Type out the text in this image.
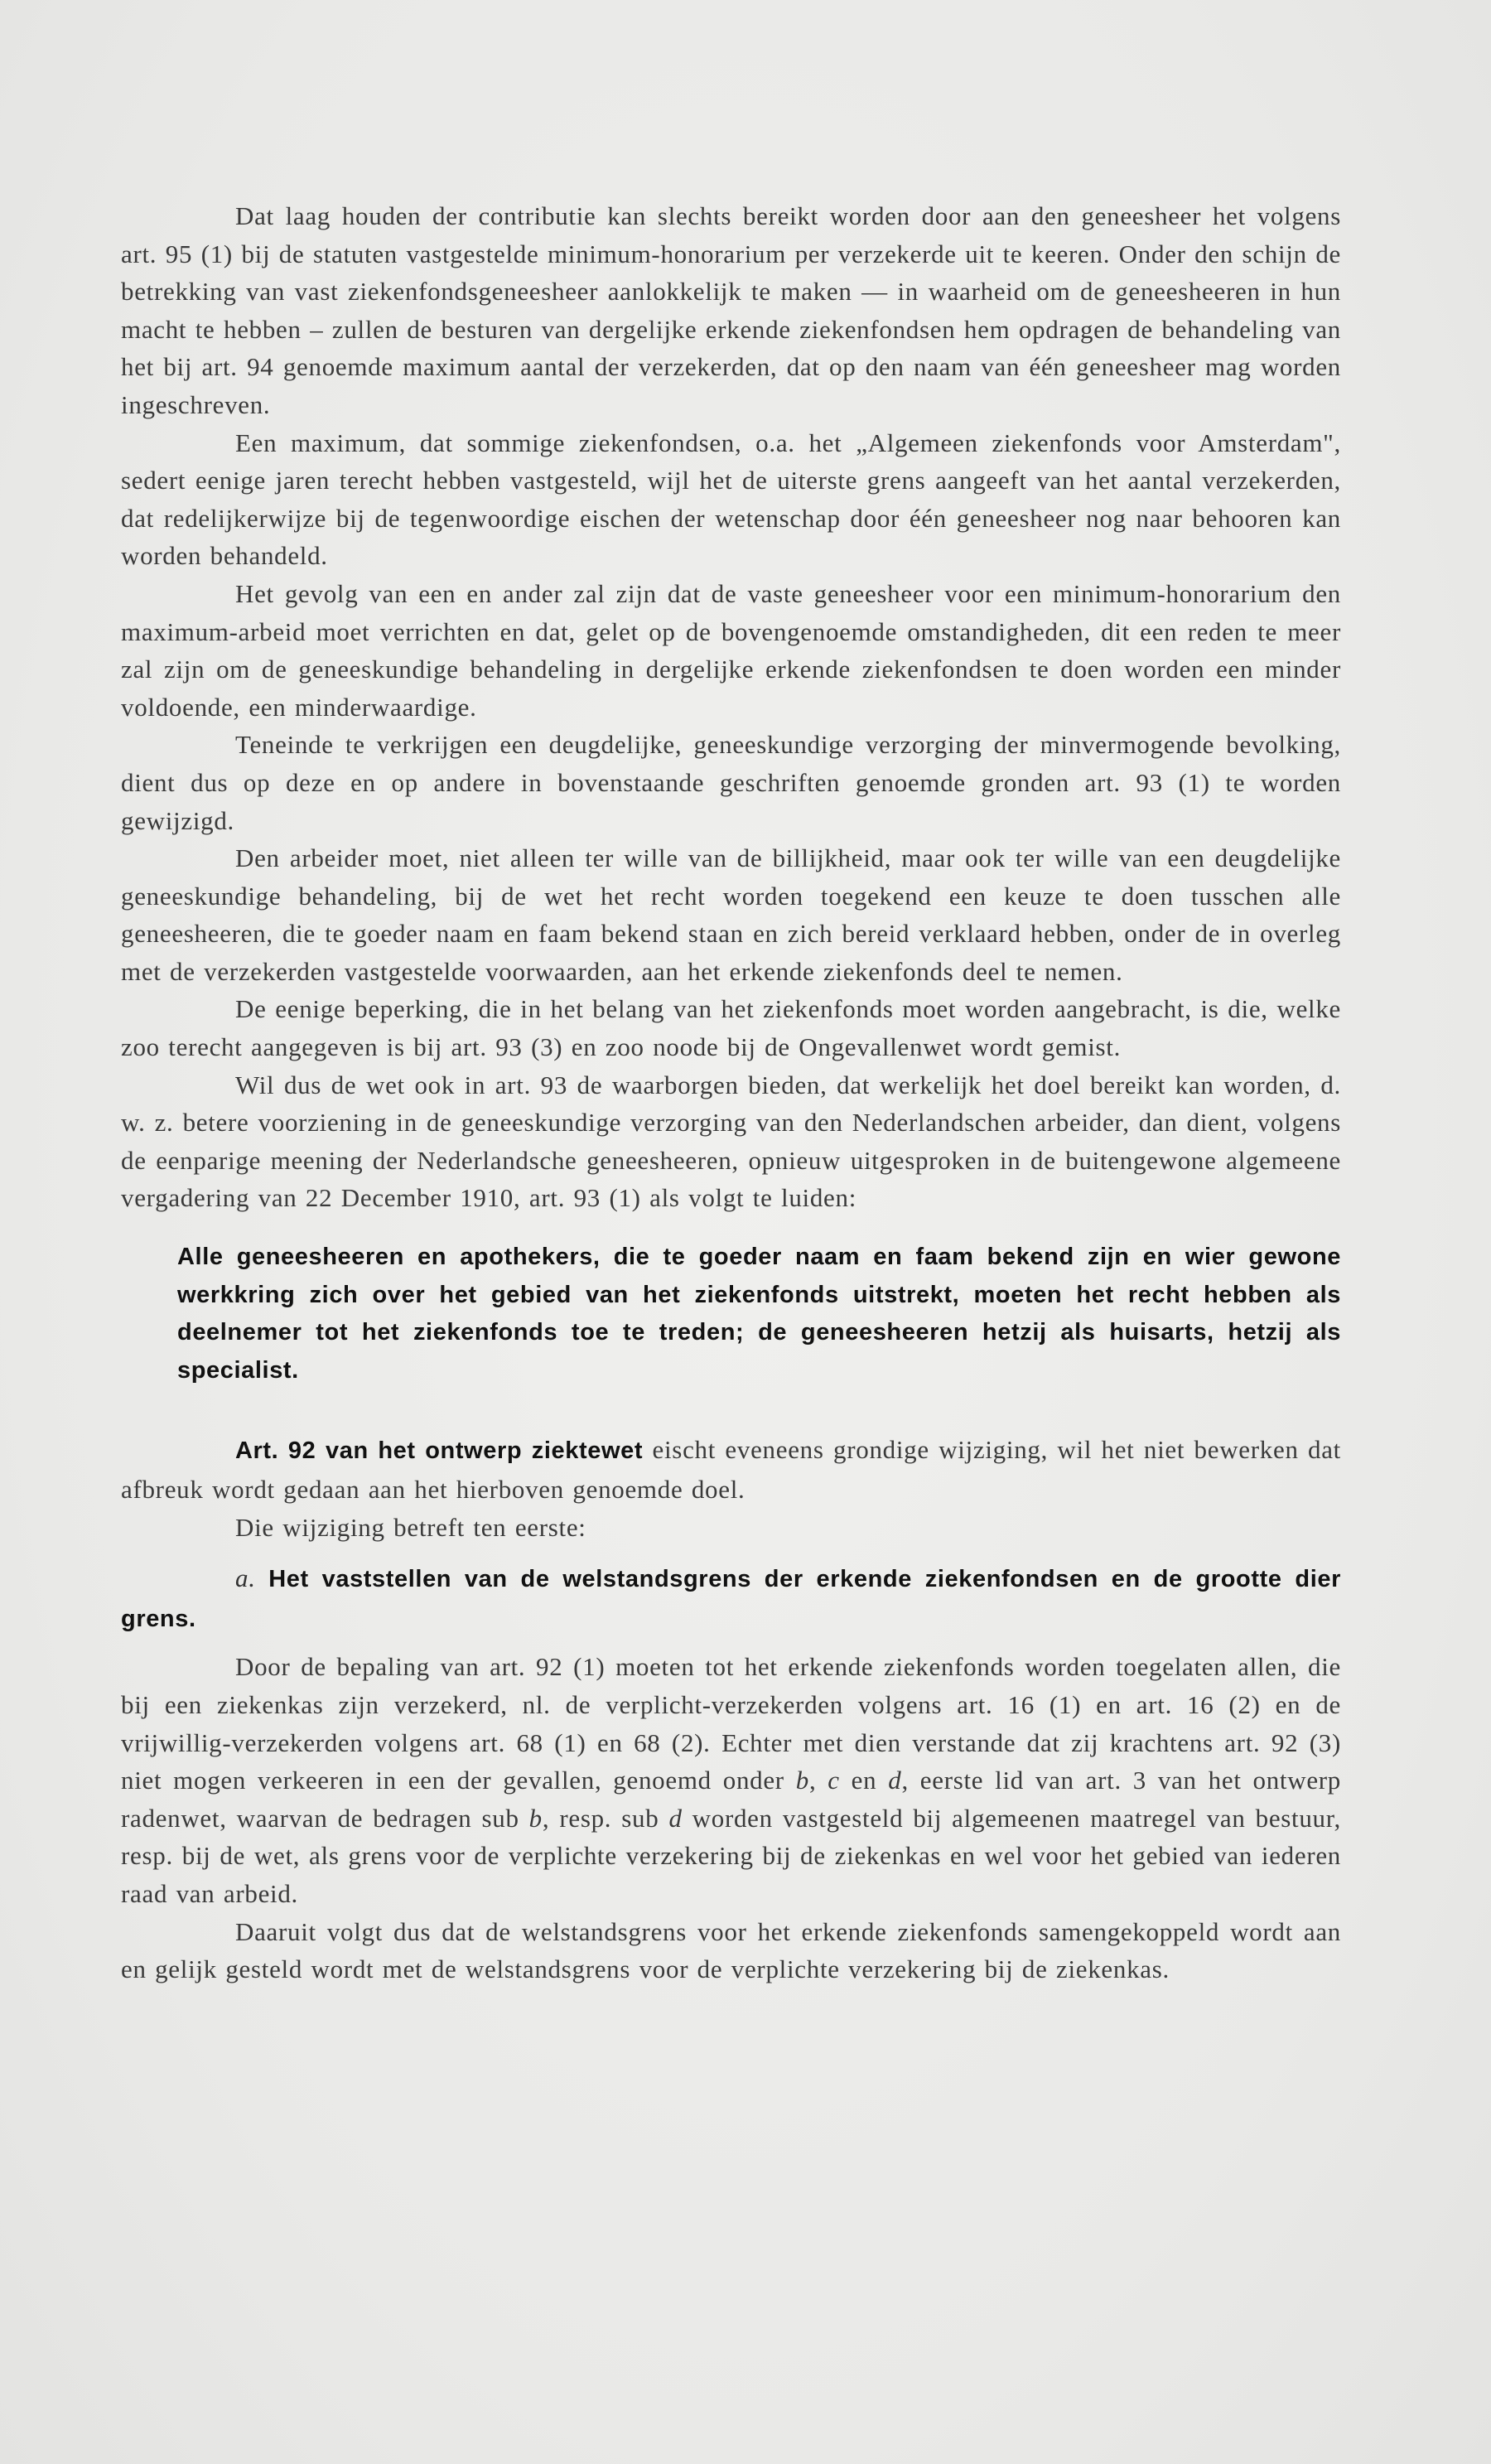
Dat laag houden der contributie kan slechts bereikt worden door aan den geneesheer het volgens art. 95 (1) bij de statuten vastgestelde minimum-honorarium per verzekerde uit te keeren. Onder den schijn de betrekking van vast ziekenfondsgeneesheer aanlokkelijk te maken — in waarheid om de geneesheeren in hun macht te hebben – zullen de besturen van dergelijke erkende ziekenfondsen hem opdragen de behandeling van het bij art. 94 genoemde maximum aantal der verzekerden, dat op den naam van één geneesheer mag worden ingeschreven.

Een maximum, dat sommige ziekenfondsen, o.a. het „Algemeen ziekenfonds voor Amsterdam", sedert eenige jaren terecht hebben vastgesteld, wijl het de uiterste grens aangeeft van het aantal verzekerden, dat redelijkerwijze bij de tegenwoordige eischen der wetenschap door één geneesheer nog naar behooren kan worden behandeld.

Het gevolg van een en ander zal zijn dat de vaste geneesheer voor een minimum-honorarium den maximum-arbeid moet verrichten en dat, gelet op de bovengenoemde omstandigheden, dit een reden te meer zal zijn om de geneeskundige behandeling in dergelijke erkende ziekenfondsen te doen worden een minder voldoende, een minderwaardige.

Teneinde te verkrijgen een deugdelijke, geneeskundige verzorging der minvermogende bevolking, dient dus op deze en op andere in bovenstaande geschriften genoemde gronden art. 93 (1) te worden gewijzigd.

Den arbeider moet, niet alleen ter wille van de billijkheid, maar ook ter wille van een deugdelijke geneeskundige behandeling, bij de wet het recht worden toegekend een keuze te doen tusschen alle geneesheeren, die te goeder naam en faam bekend staan en zich bereid verklaard hebben, onder de in overleg met de verzekerden vastgestelde voorwaarden, aan het erkende ziekenfonds deel te nemen.

De eenige beperking, die in het belang van het ziekenfonds moet worden aangebracht, is die, welke zoo terecht aangegeven is bij art. 93 (3) en zoo noode bij de Ongevallenwet wordt gemist.

Wil dus de wet ook in art. 93 de waarborgen bieden, dat werkelijk het doel bereikt kan worden, d. w. z. betere voorziening in de geneeskundige verzorging van den Nederlandschen arbeider, dan dient, volgens de eenparige meening der Nederlandsche geneesheeren, opnieuw uitgesproken in de buitengewone algemeene vergadering van 22 December 1910, art. 93 (1) als volgt te luiden:

Alle geneesheeren en apothekers, die te goeder naam en faam bekend zijn en wier gewone werkkring zich over het gebied van het ziekenfonds uitstrekt, moeten het recht hebben als deelnemer tot het ziekenfonds toe te treden; de geneesheeren hetzij als huisarts, hetzij als specialist.

Art. 92 van het ontwerp ziektewet eischt eveneens grondige wijziging, wil het niet bewerken dat afbreuk wordt gedaan aan het hierboven genoemde doel.

Die wijziging betreft ten eerste:

a. Het vaststellen van de welstandsgrens der erkende ziekenfondsen en de grootte dier grens.

Door de bepaling van art. 92 (1) moeten tot het erkende ziekenfonds worden toegelaten allen, die bij een ziekenkas zijn verzekerd, nl. de verplicht-verzekerden volgens art. 16 (1) en art. 16 (2) en de vrijwillig-verzekerden volgens art. 68 (1) en 68 (2). Echter met dien verstande dat zij krachtens art. 92 (3) niet mogen verkeeren in een der gevallen, genoemd onder b, c en d, eerste lid van art. 3 van het ontwerp radenwet, waarvan de bedragen sub b, resp. sub d worden vastgesteld bij algemeenen maatregel van bestuur, resp. bij de wet, als grens voor de verplichte verzekering bij de ziekenkas en wel voor het gebied van iederen raad van arbeid.

Daaruit volgt dus dat de welstandsgrens voor het erkende ziekenfonds samengekoppeld wordt aan en gelijk gesteld wordt met de welstandsgrens voor de verplichte verzekering bij de ziekenkas.
